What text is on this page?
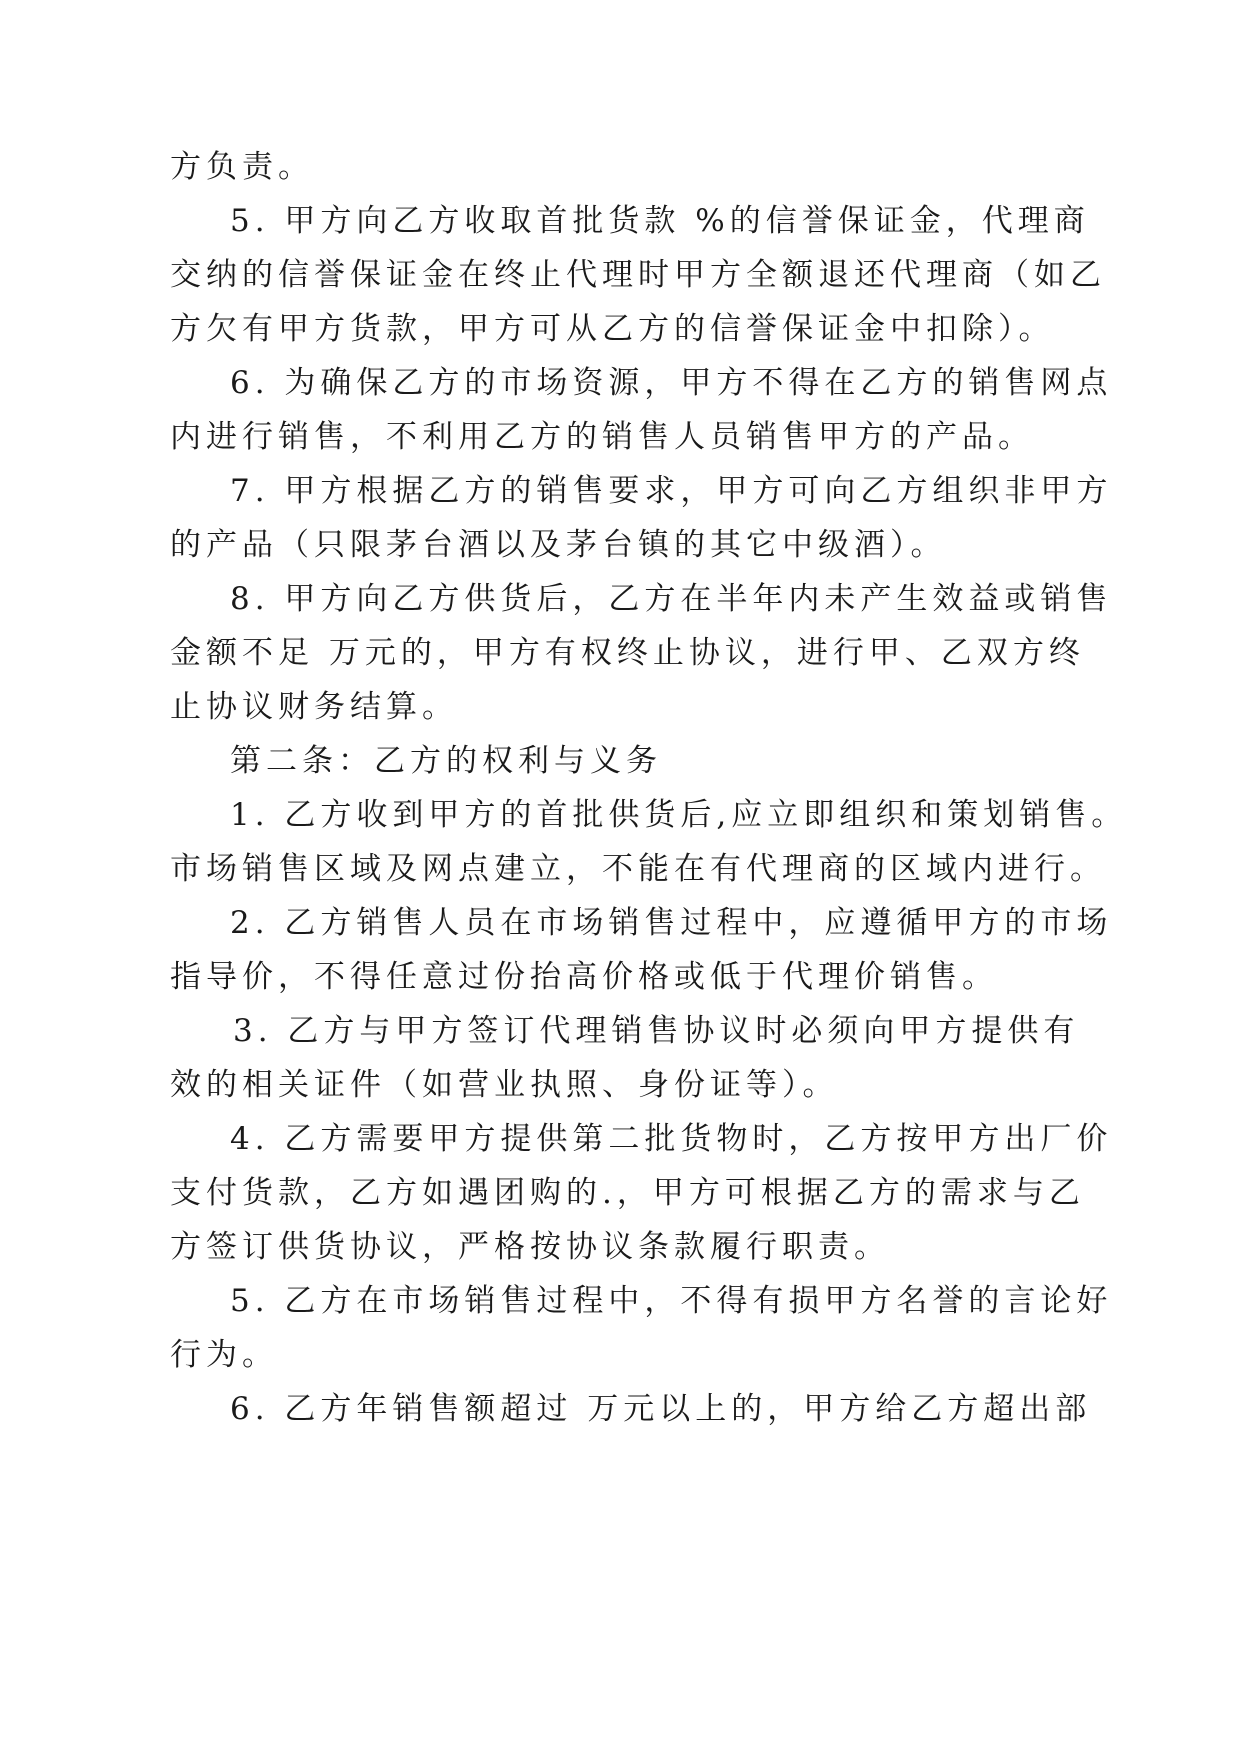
方负责。
5. 甲方向乙方收取首批货款 %的信誉保证金，代理商
交纳的信誉保证金在终止代理时甲方全额退还代理商（如乙
方欠有甲方货款，甲方可从乙方的信誉保证金中扣除）。
6. 为确保乙方的市场资源，甲方不得在乙方的销售网点
内进行销售，不利用乙方的销售人员销售甲方的产品。
7. 甲方根据乙方的销售要求，甲方可向乙方组织非甲方
的产品（只限茅台酒以及茅台镇的其它中级酒）。
8. 甲方向乙方供货后，乙方在半年内未产生效益或销售
金额不足 万元的，甲方有权终止协议，进行甲、乙双方终
止协议财务结算。
第二条：乙方的权利与义务
1. 乙方收到甲方的首批供货后,应立即组织和策划销售。
市场销售区域及网点建立，不能在有代理商的区域内进行。
2. 乙方销售人员在市场销售过程中，应遵循甲方的市场
指导价，不得任意过份抬高价格或低于代理价销售。
3. 乙方与甲方签订代理销售协议时必须向甲方提供有
效的相关证件（如营业执照、身份证等）。
4. 乙方需要甲方提供第二批货物时，乙方按甲方出厂价
支付货款，乙方如遇团购的.，甲方可根据乙方的需求与乙
方签订供货协议，严格按协议条款履行职责。
5. 乙方在市场销售过程中，不得有损甲方名誉的言论好
行为。
6. 乙方年销售额超过 万元以上的，甲方给乙方超出部
